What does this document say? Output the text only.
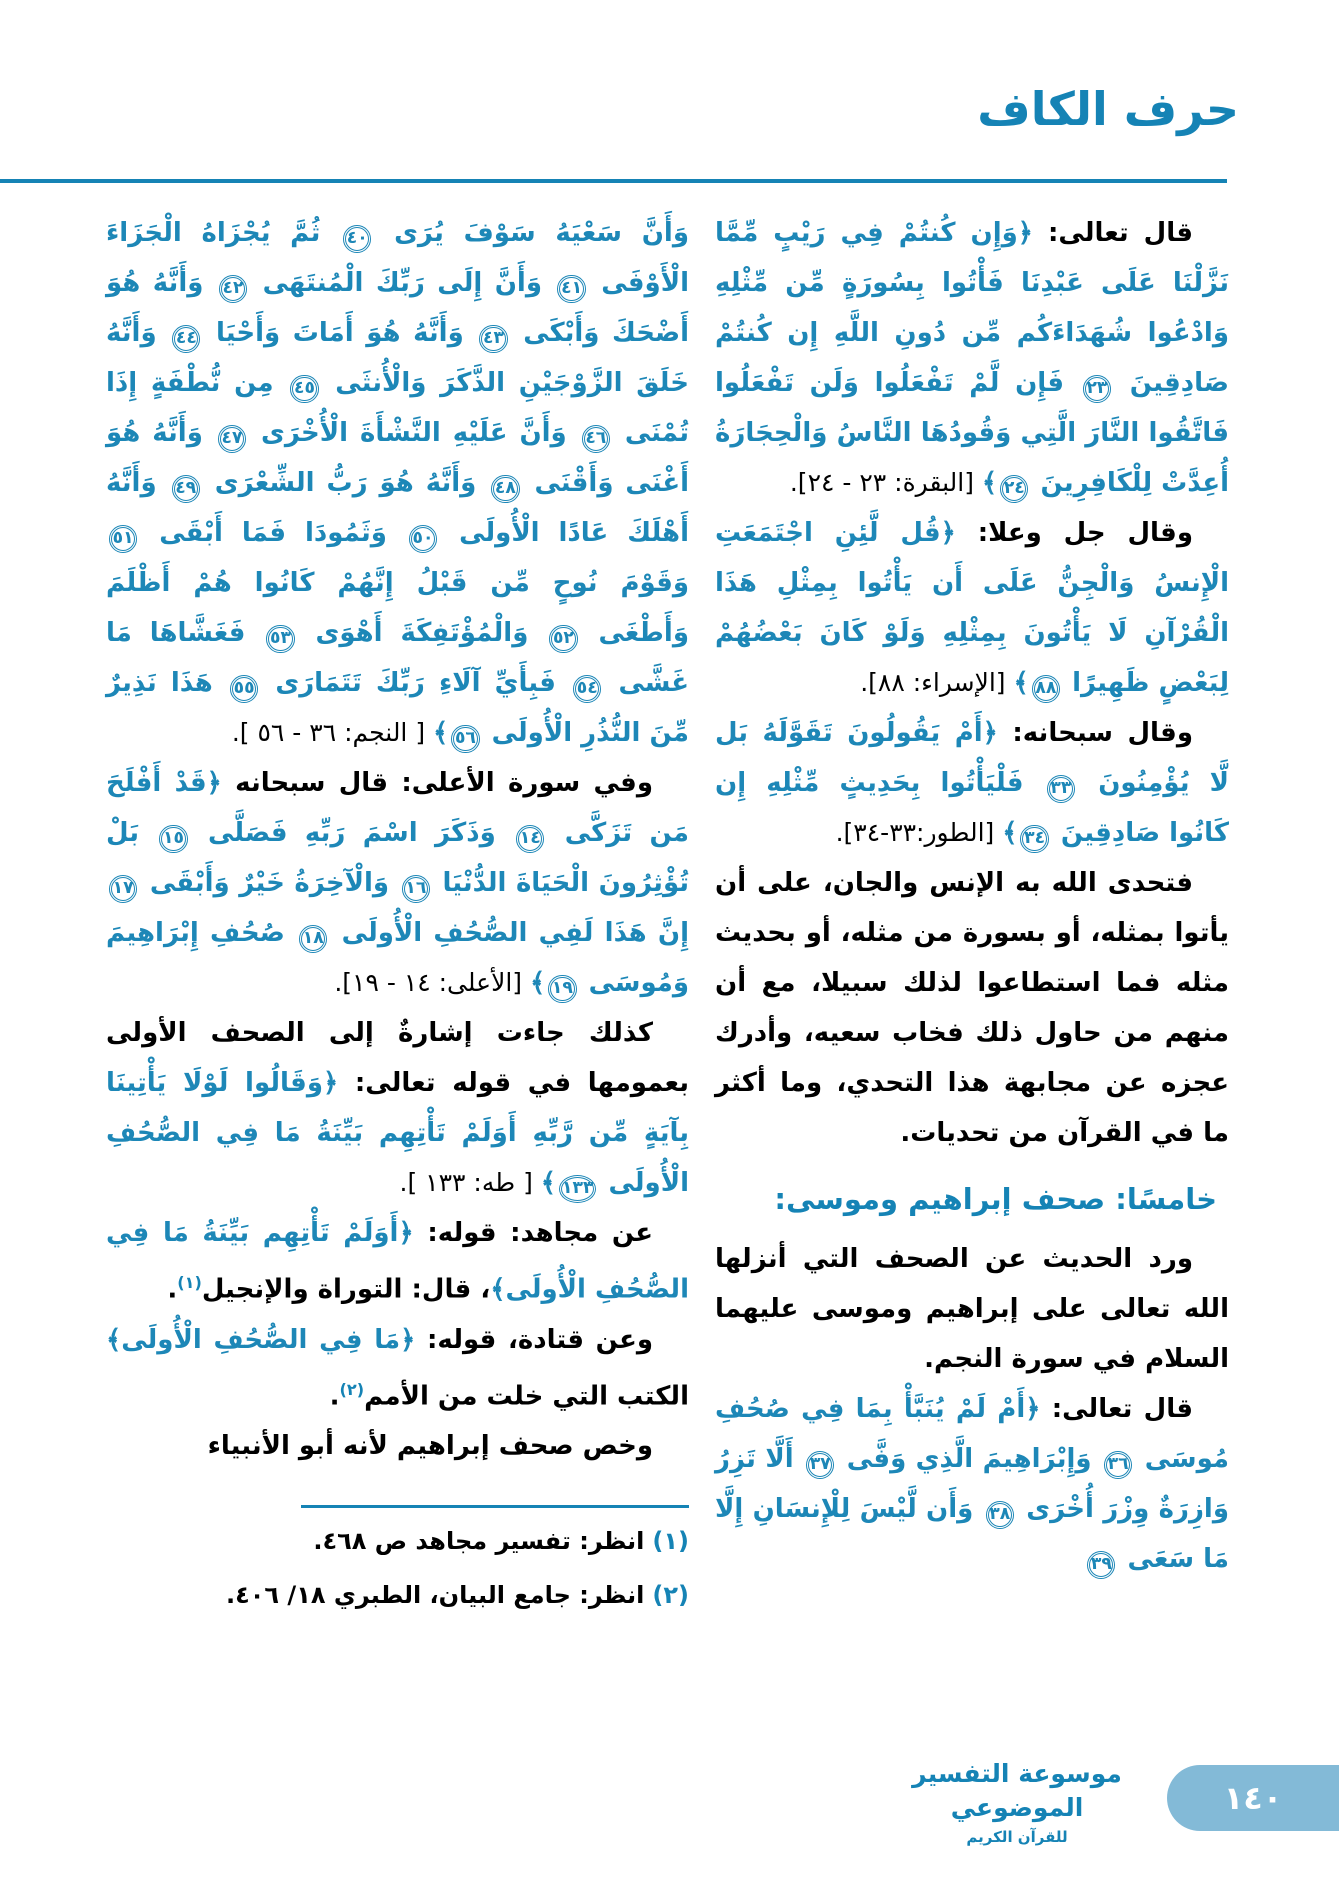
حرف الكاف

قال تعالى: ﴿وَإِن كُنتُمْ فِي رَيْبٍ مِّمَّا نَزَّلْنَا عَلَى عَبْدِنَا فَأْتُوا بِسُورَةٍ مِّن مِّثْلِهِ وَادْعُوا شُهَدَاءَكُم مِّن دُونِ اللَّهِ إِن كُنتُمْ صَادِقِينَ ٢٣ فَإِن لَّمْ تَفْعَلُوا وَلَن تَفْعَلُوا فَاتَّقُوا النَّارَ الَّتِي وَقُودُهَا النَّاسُ وَالْحِجَارَةُ أُعِدَّتْ لِلْكَافِرِينَ ٢٤﴾ [البقرة: ٢٣ - ٢٤].

وقال جل وعلا: ﴿قُل لَّئِنِ اجْتَمَعَتِ الْإِنسُ وَالْجِنُّ عَلَى أَن يَأْتُوا بِمِثْلِ هَذَا الْقُرْآنِ لَا يَأْتُونَ بِمِثْلِهِ وَلَوْ كَانَ بَعْضُهُمْ لِبَعْضٍ ظَهِيرًا ٨٨﴾ [الإسراء: ٨٨].

وقال سبحانه: ﴿أَمْ يَقُولُونَ تَقَوَّلَهُ بَل لَّا يُؤْمِنُونَ ٣٣ فَلْيَأْتُوا بِحَدِيثٍ مِّثْلِهِ إِن كَانُوا صَادِقِينَ ٣٤﴾ [الطور:٣٣-٣٤].

فتحدى الله به الإنس والجان، على أن يأتوا بمثله، أو بسورة من مثله، أو بحديث مثله فما استطاعوا لذلك سبيلا، مع أن منهم من حاول ذلك فخاب سعيه، وأدرك عجزه عن مجابهة هذا التحدي، وما أكثر ما في القرآن من تحديات.

خامسًا: صحف إبراهيم وموسى:

ورد الحديث عن الصحف التي أنزلها الله تعالى على إبراهيم وموسى عليهما السلام في سورة النجم.

قال تعالى: ﴿أَمْ لَمْ يُنَبَّأْ بِمَا فِي صُحُفِ مُوسَى ٣٦ وَإِبْرَاهِيمَ الَّذِي وَفَّى ٣٧ أَلَّا تَزِرُ وَازِرَةٌ وِزْرَ أُخْرَى ٣٨ وَأَن لَّيْسَ لِلْإِنسَانِ إِلَّا مَا سَعَى ٣٩

وَأَنَّ سَعْيَهُ سَوْفَ يُرَى ٤٠ ثُمَّ يُجْزَاهُ الْجَزَاءَ الْأَوْفَى ٤١ وَأَنَّ إِلَى رَبِّكَ الْمُنتَهَى ٤٢ وَأَنَّهُ هُوَ أَضْحَكَ وَأَبْكَى ٤٣ وَأَنَّهُ هُوَ أَمَاتَ وَأَحْيَا ٤٤ وَأَنَّهُ خَلَقَ الزَّوْجَيْنِ الذَّكَرَ وَالْأُنثَى ٤٥ مِن نُّطْفَةٍ إِذَا تُمْنَى ٤٦ وَأَنَّ عَلَيْهِ النَّشْأَةَ الْأُخْرَى ٤٧ وَأَنَّهُ هُوَ أَغْنَى وَأَقْنَى ٤٨ وَأَنَّهُ هُوَ رَبُّ الشِّعْرَى ٤٩ وَأَنَّهُ أَهْلَكَ عَادًا الْأُولَى ٥٠ وَثَمُودَا فَمَا أَبْقَى ٥١ وَقَوْمَ نُوحٍ مِّن قَبْلُ إِنَّهُمْ كَانُوا هُمْ أَظْلَمَ وَأَطْغَى ٥٢ وَالْمُؤْتَفِكَةَ أَهْوَى ٥٣ فَغَشَّاهَا مَا غَشَّى ٥٤ فَبِأَيِّ آلَاءِ رَبِّكَ تَتَمَارَى ٥٥ هَذَا نَذِيرٌ مِّنَ النُّذُرِ الْأُولَى ٥٦﴾ [ النجم: ٣٦ - ٥٦ ].

وفي سورة الأعلى: قال سبحانه ﴿قَدْ أَفْلَحَ مَن تَزَكَّى ١٤ وَذَكَرَ اسْمَ رَبِّهِ فَصَلَّى ١٥ بَلْ تُؤْثِرُونَ الْحَيَاةَ الدُّنْيَا ١٦ وَالْآخِرَةُ خَيْرٌ وَأَبْقَى ١٧ إِنَّ هَذَا لَفِي الصُّحُفِ الْأُولَى ١٨ صُحُفِ إِبْرَاهِيمَ وَمُوسَى ١٩﴾ [الأعلى: ١٤ - ١٩].

كذلك جاءت إشارةٌ إلى الصحف الأولى بعمومها في قوله تعالى: ﴿وَقَالُوا لَوْلَا يَأْتِينَا بِآيَةٍ مِّن رَّبِّهِ أَوَلَمْ تَأْتِهِم بَيِّنَةُ مَا فِي الصُّحُفِ الْأُولَى ١٣٣﴾ [ طه: ١٣٣ ].

عن مجاهد: قوله: ﴿أَوَلَمْ تَأْتِهِم بَيِّنَةُ مَا فِي الصُّحُفِ الْأُولَى﴾، قال: التوراة والإنجيل$^{(١)}$.

وعن قتادة، قوله: ﴿مَا فِي الصُّحُفِ الْأُولَى﴾ الكتب التي خلت من الأمم$^{(٢)}$.

وخص صحف إبراهيم لأنه أبو الأنبياء

(١)انظر: تفسير مجاهد ص ٤٦٨.

(٢)انظر: جامع البيان، الطبري ١٨/ ٤٠٦.

موسوعة التفسير الموضوعي
للقرآن الكريم
١٤٠
